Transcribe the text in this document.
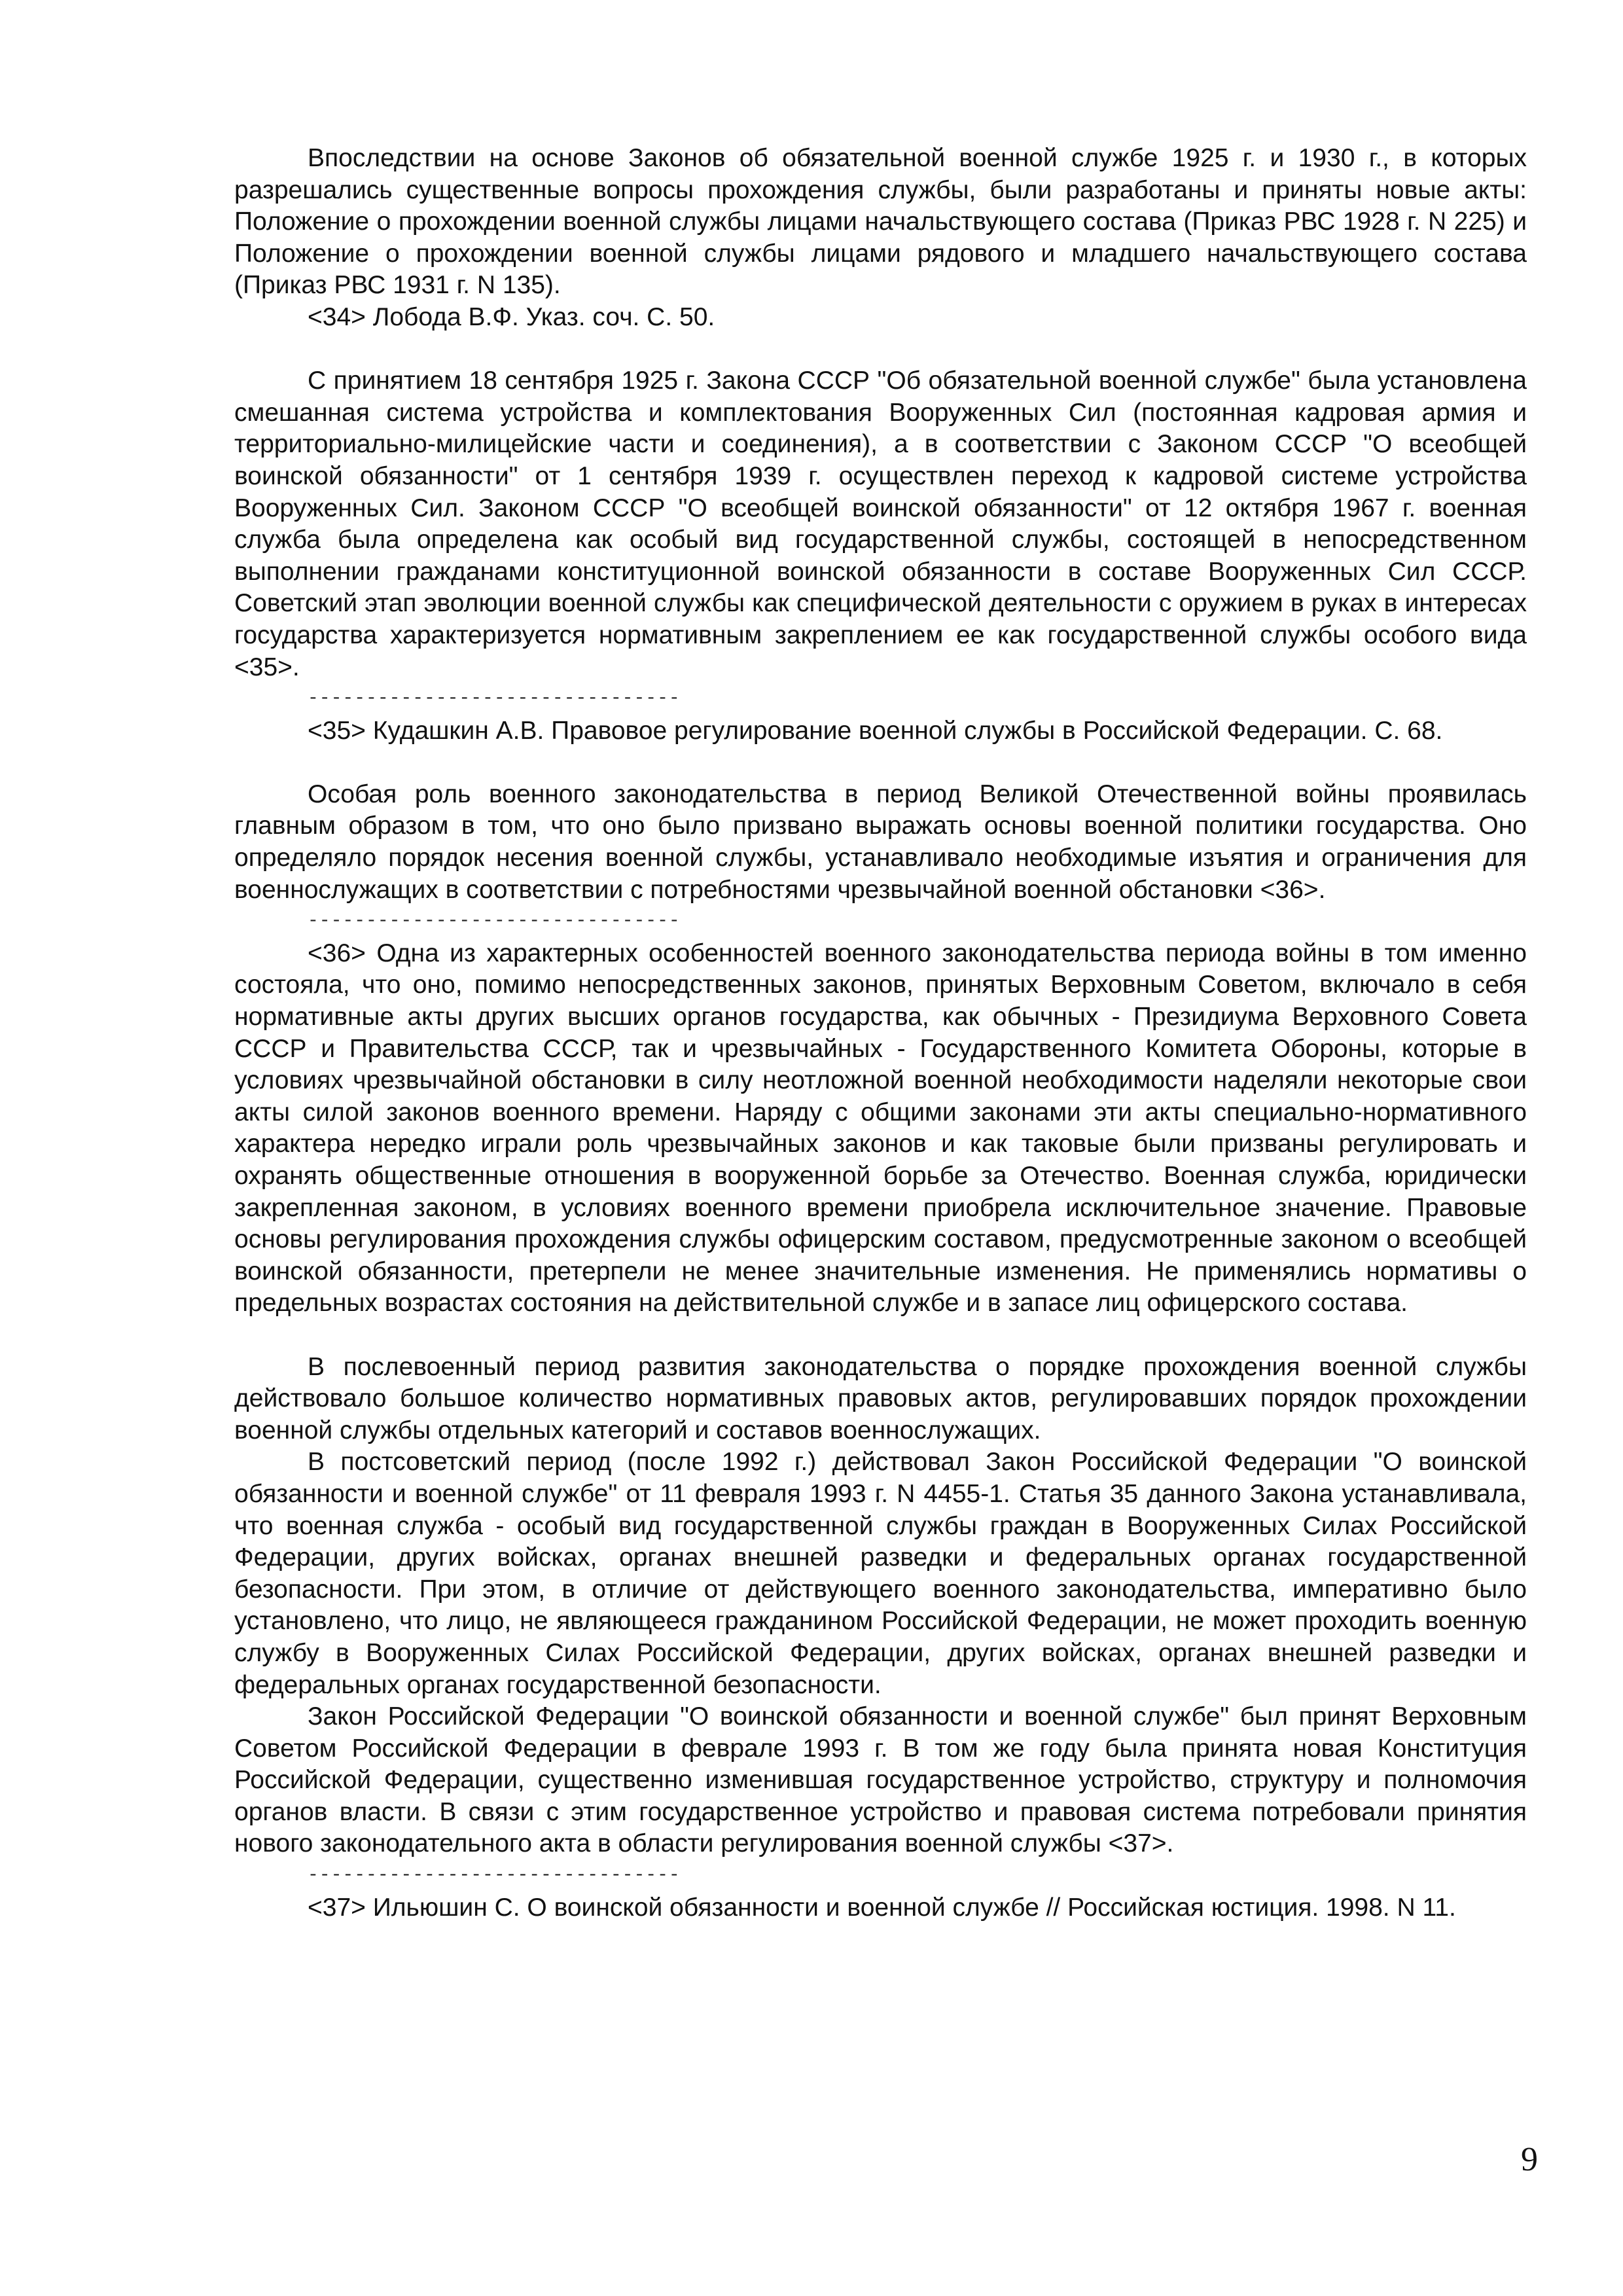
Впоследствии на основе Законов об обязательной военной службе 1925 г. и 1930 г., в которых разрешались существенные вопросы прохождения службы, были разработаны и приняты новые акты: Положение о прохождении военной службы лицами начальствующего состава (Приказ РВС 1928 г. N 225) и Положение о прохождении военной службы лицами рядового и младшего начальствующего состава (Приказ РВС 1931 г. N 135).

<34> Лобода В.Ф. Указ. соч. С. 50.

С принятием 18 сентября 1925 г. Закона СССР "Об обязательной военной службе" была установлена смешанная система устройства и комплектования Вооруженных Сил (постоянная кадровая армия и территориально-милицейские части и соединения), а в соответствии с Законом СССР "О всеобщей воинской обязанности" от 1 сентября 1939 г. осуществлен переход к кадровой системе устройства Вооруженных Сил. Законом СССР "О всеобщей воинской обязанности" от 12 октября 1967 г. военная служба была определена как особый вид государственной службы, состоящей в непосредственном выполнении гражданами конституционной воинской обязанности в составе Вооруженных Сил СССР. Советский этап эволюции военной службы как специфической деятельности с оружием в руках в интересах государства характеризуется нормативным закреплением ее как государственной службы особого вида <35>.

--------------------------------

<35> Кудашкин А.В. Правовое регулирование военной службы в Российской Федерации. С. 68.

Особая роль военного законодательства в период Великой Отечественной войны проявилась главным образом в том, что оно было призвано выражать основы военной политики государства. Оно определяло порядок несения военной службы, устанавливало необходимые изъятия и ограничения для военнослужащих в соответствии с потребностями чрезвычайной военной обстановки <36>.

--------------------------------

<36> Одна из характерных особенностей военного законодательства периода войны в том именно состояла, что оно, помимо непосредственных законов, принятых Верховным Советом, включало в себя нормативные акты других высших органов государства, как обычных - Президиума Верховного Совета СССР и Правительства СССР, так и чрезвычайных - Государственного Комитета Обороны, которые в условиях чрезвычайной обстановки в силу неотложной военной необходимости наделяли некоторые свои акты силой законов военного времени. Наряду с общими законами эти акты специально-нормативного характера нередко играли роль чрезвычайных законов и как таковые были призваны регулировать и охранять общественные отношения в вооруженной борьбе за Отечество. Военная служба, юридически закрепленная законом, в условиях военного времени приобрела исключительное значение. Правовые основы регулирования прохождения службы офицерским составом, предусмотренные законом о всеобщей воинской обязанности, претерпели не менее значительные изменения. Не применялись нормативы о предельных возрастах состояния на действительной службе и в запасе лиц офицерского состава.

В послевоенный период развития законодательства о порядке прохождения военной службы действовало большое количество нормативных правовых актов, регулировавших порядок прохождении военной службы отдельных категорий и составов военнослужащих.

В постсоветский период (после 1992 г.) действовал Закон Российской Федерации "О воинской обязанности и военной службе" от 11 февраля 1993 г. N 4455-1. Статья 35 данного Закона устанавливала, что военная служба - особый вид государственной службы граждан в Вооруженных Силах Российской Федерации, других войсках, органах внешней разведки и федеральных органах государственной безопасности. При этом, в отличие от действующего военного законодательства, императивно было установлено, что лицо, не являющееся гражданином Российской Федерации, не может проходить военную службу в Вооруженных Силах Российской Федерации, других войсках, органах внешней разведки и федеральных органах государственной безопасности.

Закон Российской Федерации "О воинской обязанности и военной службе" был принят Верховным Советом Российской Федерации в феврале 1993 г. В том же году была принята новая Конституция Российской Федерации, существенно изменившая государственное устройство, структуру и полномочия органов власти. В связи с этим государственное устройство и правовая система потребовали принятия нового законодательного акта в области регулирования военной службы <37>.

--------------------------------

<37> Ильюшин С. О воинской обязанности и военной службе // Российская юстиция. 1998. N 11.

9
